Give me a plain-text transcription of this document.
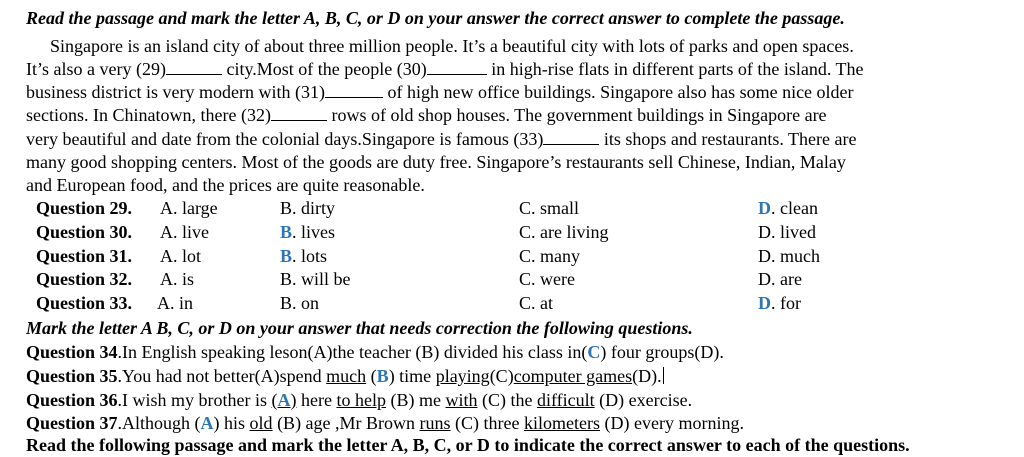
Read the passage and mark the letter A, B, C, or D on your answer the correct answer to complete the passage.
Singapore is an island city of about three million people. It’s a beautiful city with lots of parks and open spaces.
It’s also a very (29)	city.Most of the people (30)	in high-rise flats in different parts of the island. The
business district is very modern with (31)	of high new office buildings. Singapore also has some nice older
sections. In Chinatown, there (32)	rows of old shop houses. The government buildings in Singapore are
very beautiful and date from the colonial days.Singapore is famous (33)	its shops and restaurants. There are
many good shopping centers. Most of the goods are duty free. Singapore’s restaurants sell Chinese, Indian, Malay
and European food, and the prices are quite reasonable.
Question 29. A. large	B. dirty	C. small	D. clean
Question 30. A. live	B. lives	C. are living	D. lived
Question 31. A. lot	B. lots	C. many	D. much
Question 32. A. is	B. will be	C. were	D. are
Question 33. A. in	B. on	C. at	D. for
Mark the letter A B, C, or D on your answer that needs correction the following questions.
Question 34.In English speaking leson(A)the teacher (B) divided his class in(C) four groups(D).
Question 35.You had not better(A)spend much (B) time playing(C)computer games(D).
Question 36.I wish my brother is (A) here to help (B) me with (C) the difficult (D) exercise.
Question 37.Although (A) his old (B) age ,Mr Brown runs (C) three kilometers (D) every morning.
Read the following passage and mark the letter A, B, C, or D to indicate the correct answer to each of the questions.
